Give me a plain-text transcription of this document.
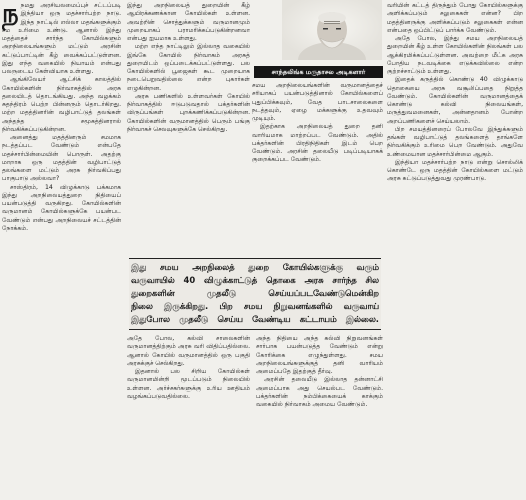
நநமது அரசியலமைப்புச் சட்டப்படி இந்தியா ஒரு மதச்சார்பற்ற நாடு. இந்த நாட்டில் எல்லா மதங்களுக்கும் சம உரிமை உண்டு. ஆனால் இந்து மதத்தைச் சார்ந்த கோயில்களும் அறநிலையங்களும் மட்டும் அரசின் கட்டுப்பாட்டின் கீழ் வைக்கப்பட்டுள்ளன. இது எந்த வகையில் நியாயம் என்பது பலருடைய கேள்வியாக உள்ளது.

ஆங்கிலேயர் ஆட்சிக் காலத்தில் கோயில்களின் நிர்வாகத்தில் அரசு தலையிடத் தொடங்கியது. அந்த வழக்கம் சுதந்திரம் பெற்ற பின்னரும் தொடர்கிறது. மற்ற மதத்தினரின் வழிபாட்டுத் தலங்கள் அந்தந்த சமூகத்தினரால் நிர்வகிக்கப்படுகின்றன.

அனைத்து மதத்தினரும் சமமாக நடத்தப்பட வேண்டும் என்பதே மதச்சார்பின்மையின் பொருள். அதற்கு மாறாக ஒரு மதத்தின் வழிபாட்டுத் தலங்களை மட்டும் அரசு நிர்வகிப்பது பாகுபாடு அல்லவா?

சாஸ்திரம், 14 விழுக்காடு பக்கமாக இந்து அறநிலையத்துறை நிதியைப் பயன்படுத்தி வருகிறது. கோயில்களின் வருமானம் கோயில்களுக்கே பயன்பட வேண்டும் என்பது அறநிலையச் சட்டத்தின் நோக்கம்.

இந்து அறநிலையத் துறையின் கீழ் ஆயிரக்கணக்கான கோயில்கள் உள்ளன. அவற்றின் சொத்துக்களும் வருமானமும் முறையாகப் பராமரிக்கப்படுகின்றனவா என்பது ஐயமாக உள்ளது.

மற்ற எந்த நாட்டிலும் இல்லாத வகையில் இங்கே கோயில் நிர்வாகம் அரசுத் துறையிடம் ஒப்படைக்கப்பட்டுள்ளது. பல கோயில்களில் பூஜைகள் கூட முறையாக நடைபெறுவதில்லை என்ற புகார்கள் எழுகின்றன.

அரசு பணிகளில் உள்ளவர்கள் கோயில் நிர்வாகத்தில் ஈடுபடுவதால் பக்தர்களின் விருப்பங்கள் புறக்கணிக்கப்படுகின்றன. கோயில்களின் வருமானத்தில் பெரும் பங்கு நிர்வாகச் செலவுகளுக்கே செல்கிறது.

சாந்தலிங்க மருதாசல அடிகளார்

சமய அறநிலையங்களின் வருமானத்தைச் சரியாகப் பயன்படுத்தினால் கோயில்களைப் புதுப்பிக்கவும், வேத பாடசாலைகளை நடத்தவும், ஏழை மக்களுக்கு உதவவும் முடியும்.

இதற்காக அறநிலையத் துறை தனி வாரியமாக மாற்றப்பட வேண்டும். அதில் பக்தர்களின் பிரதிநிதிகள் இடம் பெற வேண்டும். அரசின் தலையீடு படிப்படியாகக் குறைக்கப்பட வேண்டும்.

வரியின் கட்டத் திருந்தும் போது கோயில்களுக்கு அளிக்கப்படும் சலுகைகள் என்ன? பிற மதத்தினருக்கு அளிக்கப்படும் சலுகைகள் என்ன என்பதை ஒப்பிட்டுப் பார்க்க வேண்டும்.

அதே போல, இந்து சமய அறநிலையத் துறையின் கீழ் உள்ள கோயில்களின் நிலங்கள் பல ஆக்கிரமிக்கப்பட்டுள்ளன. அவற்றை மீட்க அரசு போதிய நடவடிக்கை எடுக்கவில்லை என்ற குற்றச்சாட்டும் உள்ளது.

இதைக் கருத்தில் கொண்டு 40 விழுக்காடு தொகையை அரசு வசூலிப்பதை நிறுத்த வேண்டும். கோயில்களின் வருமானத்தைக் கொண்டு கல்வி நிலையங்கள், மருத்துவமனைகள், அன்னதானம் போன்ற அறப்பணிகளைச் செய்யலாம்.

பிற சமயத்தினரைப் போலவே இந்துக்களும் தங்கள் வழிபாட்டுத் தலங்களைத் தாங்களே நிர்வகிக்கும் உரிமை பெற வேண்டும். அதுவே உண்மையான மதச்சார்பின்மை ஆகும்.

இந்தியா மதச்சார்பற்ற நாடு என்று சொல்லிக் கொண்டே ஒரு மதத்தின் கோயில்களை மட்டும் அரசு கட்டுப்படுத்துவது முரண்பாடு.

இது சமய அறநிலைத் துறை கோயில்களுக்கு வரும்
வருவாயில் 40 விழுக்காட்டுத் தொகை அரசு சார்ந்த சில
துறைகளின் முதலீடு செய்யப்படவேண்டுமென்கிற
நிலை இருக்கிறது. பிற சமய நிறுவனங்களில் வருவாய்
இதுபோல முதலீடு செய்ய வேண்டிய கட்டாயம் இல்லை.

அதே போல, கல்வி சாலைகளின் வருமானத்திற்கும் அரசு வரி விதிப்பதில்லை. ஆனால் கோயில் வருமானத்தில் ஒரு பகுதி அரசுக்குச் செல்கிறது.

இதனால் பல சிறிய கோயில்கள் வருமானமின்றி மூடப்படும் நிலையில் உள்ளன. அர்ச்சகர்களுக்கு உரிய ஊதியம் வழங்கப்படுவதில்லை.

அந்த நிதியை அந்த கல்வி நிறுவனங்கள் சார்பாக பயன்படுத்த வேண்டும் என்று கோரிக்கை எழுந்துள்ளது. சமய அறநிலையங்களுக்குத் தனி வாரியம் அமைப்பதே இதற்குத் தீர்வு.

அரசின் தலையீடு இல்லாத தன்னாட்சி அமைப்பாக அது செயல்பட வேண்டும். பக்தர்களின் நம்பிக்கையைக் காக்கும் வகையில் நிர்வாகம் அமைய வேண்டும்.
